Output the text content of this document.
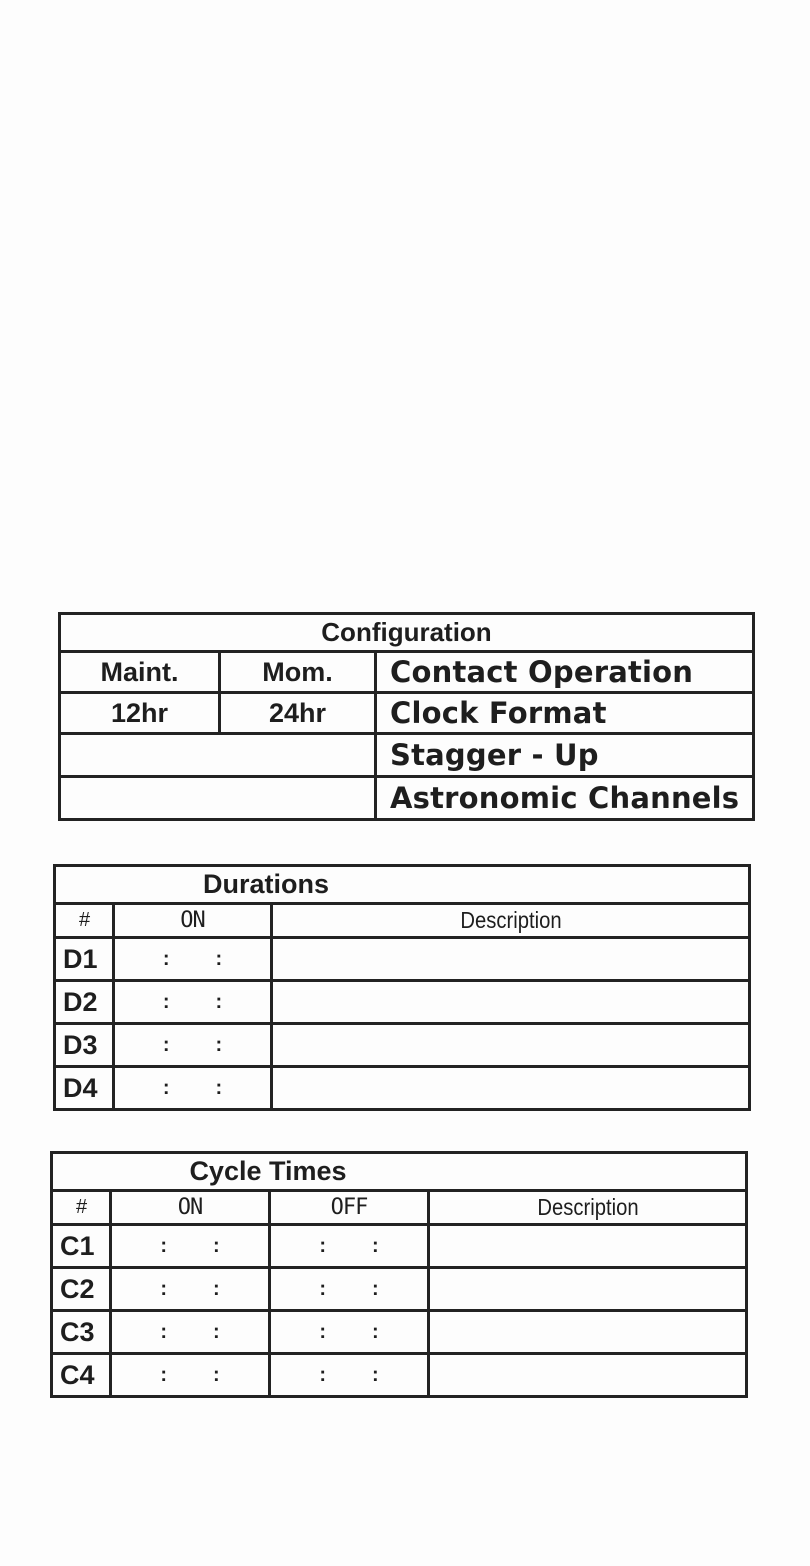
Configuration		
Maint.	Mom.	Contact Operation
12hr	24hr	Clock Format
		Stagger - Up
		Astronomic Channels
Durations		
#	ON	Description
D1	: :	
D2	: :	
D3	: :	
D4	: :	
Cycle Times			
#	ON	OFF	Description
C1	: :	: :	
C2	: :	: :	
C3	: :	: :	
C4	: :	: :	
